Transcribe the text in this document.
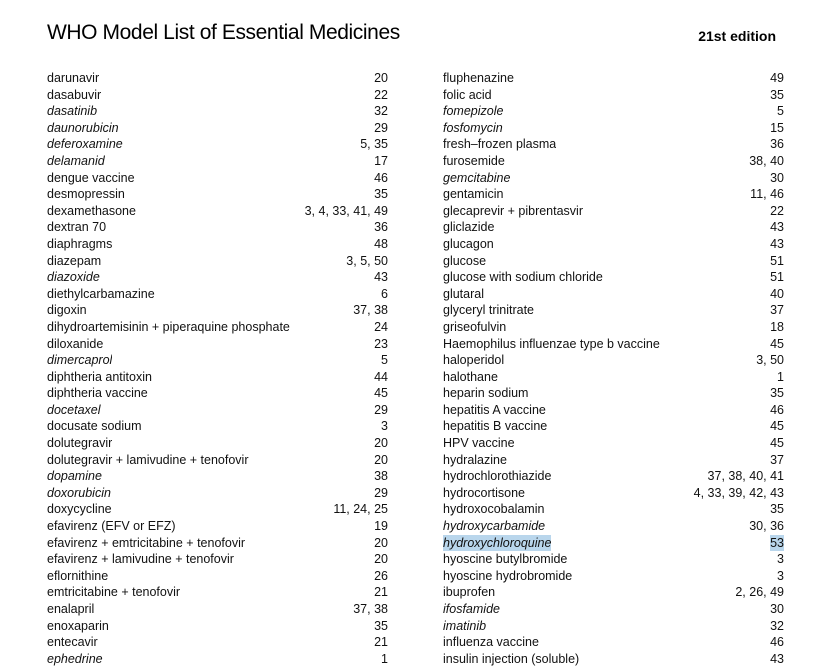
WHO Model List of Essential Medicines	21st edition
darunavir	20
dasabuvir	22
dasatinib	32
daunorubicin	29
deferoxamine	5, 35
delamanid	17
dengue vaccine	46
desmopressin	35
dexamethasone	3, 4, 33, 41, 49
dextran 70	36
diaphragms	48
diazepam	3, 5, 50
diazoxide	43
diethylcarbamazine	6
digoxin	37, 38
dihydroartemisinin + piperaquine phosphate	24
diloxanide	23
dimercaprol	5
diphtheria antitoxin	44
diphtheria vaccine	45
docetaxel	29
docusate sodium	3
dolutegravir	20
dolutegravir + lamivudine + tenofovir	20
dopamine	38
doxorubicin	29
doxycycline	11, 24, 25
efavirenz (EFV or EFZ)	19
efavirenz + emtricitabine + tenofovir	20
efavirenz + lamivudine + tenofovir	20
eflornithine	26
emtricitabine + tenofovir	21
enalapril	37, 38
enoxaparin	35
entecavir	21
ephedrine	1
fluphenazine	49
folic acid	35
fomepizole	5
fosfomycin	15
fresh–frozen plasma	36
furosemide	38, 40
gemcitabine	30
gentamicin	11, 46
glecaprevir + pibrentasvir	22
gliclazide	43
glucagon	43
glucose	51
glucose with sodium chloride	51
glutaral	40
glyceryl trinitrate	37
griseofulvin	18
Haemophilus influenzae type b vaccine	45
haloperidol	3, 50
halothane	1
heparin sodium	35
hepatitis A vaccine	46
hepatitis B vaccine	45
HPV vaccine	45
hydralazine	37
hydrochlorothiazide	37, 38, 40, 41
hydrocortisone	4, 33, 39, 42, 43
hydroxocobalamin	35
hydroxycarbamide	30, 36
hydroxychloroquine	53
hyoscine butylbromide	3
hyoscine hydrobromide	3
ibuprofen	2, 26, 49
ifosfamide	30
imatinib	32
influenza vaccine	46
insulin injection (soluble)	43
